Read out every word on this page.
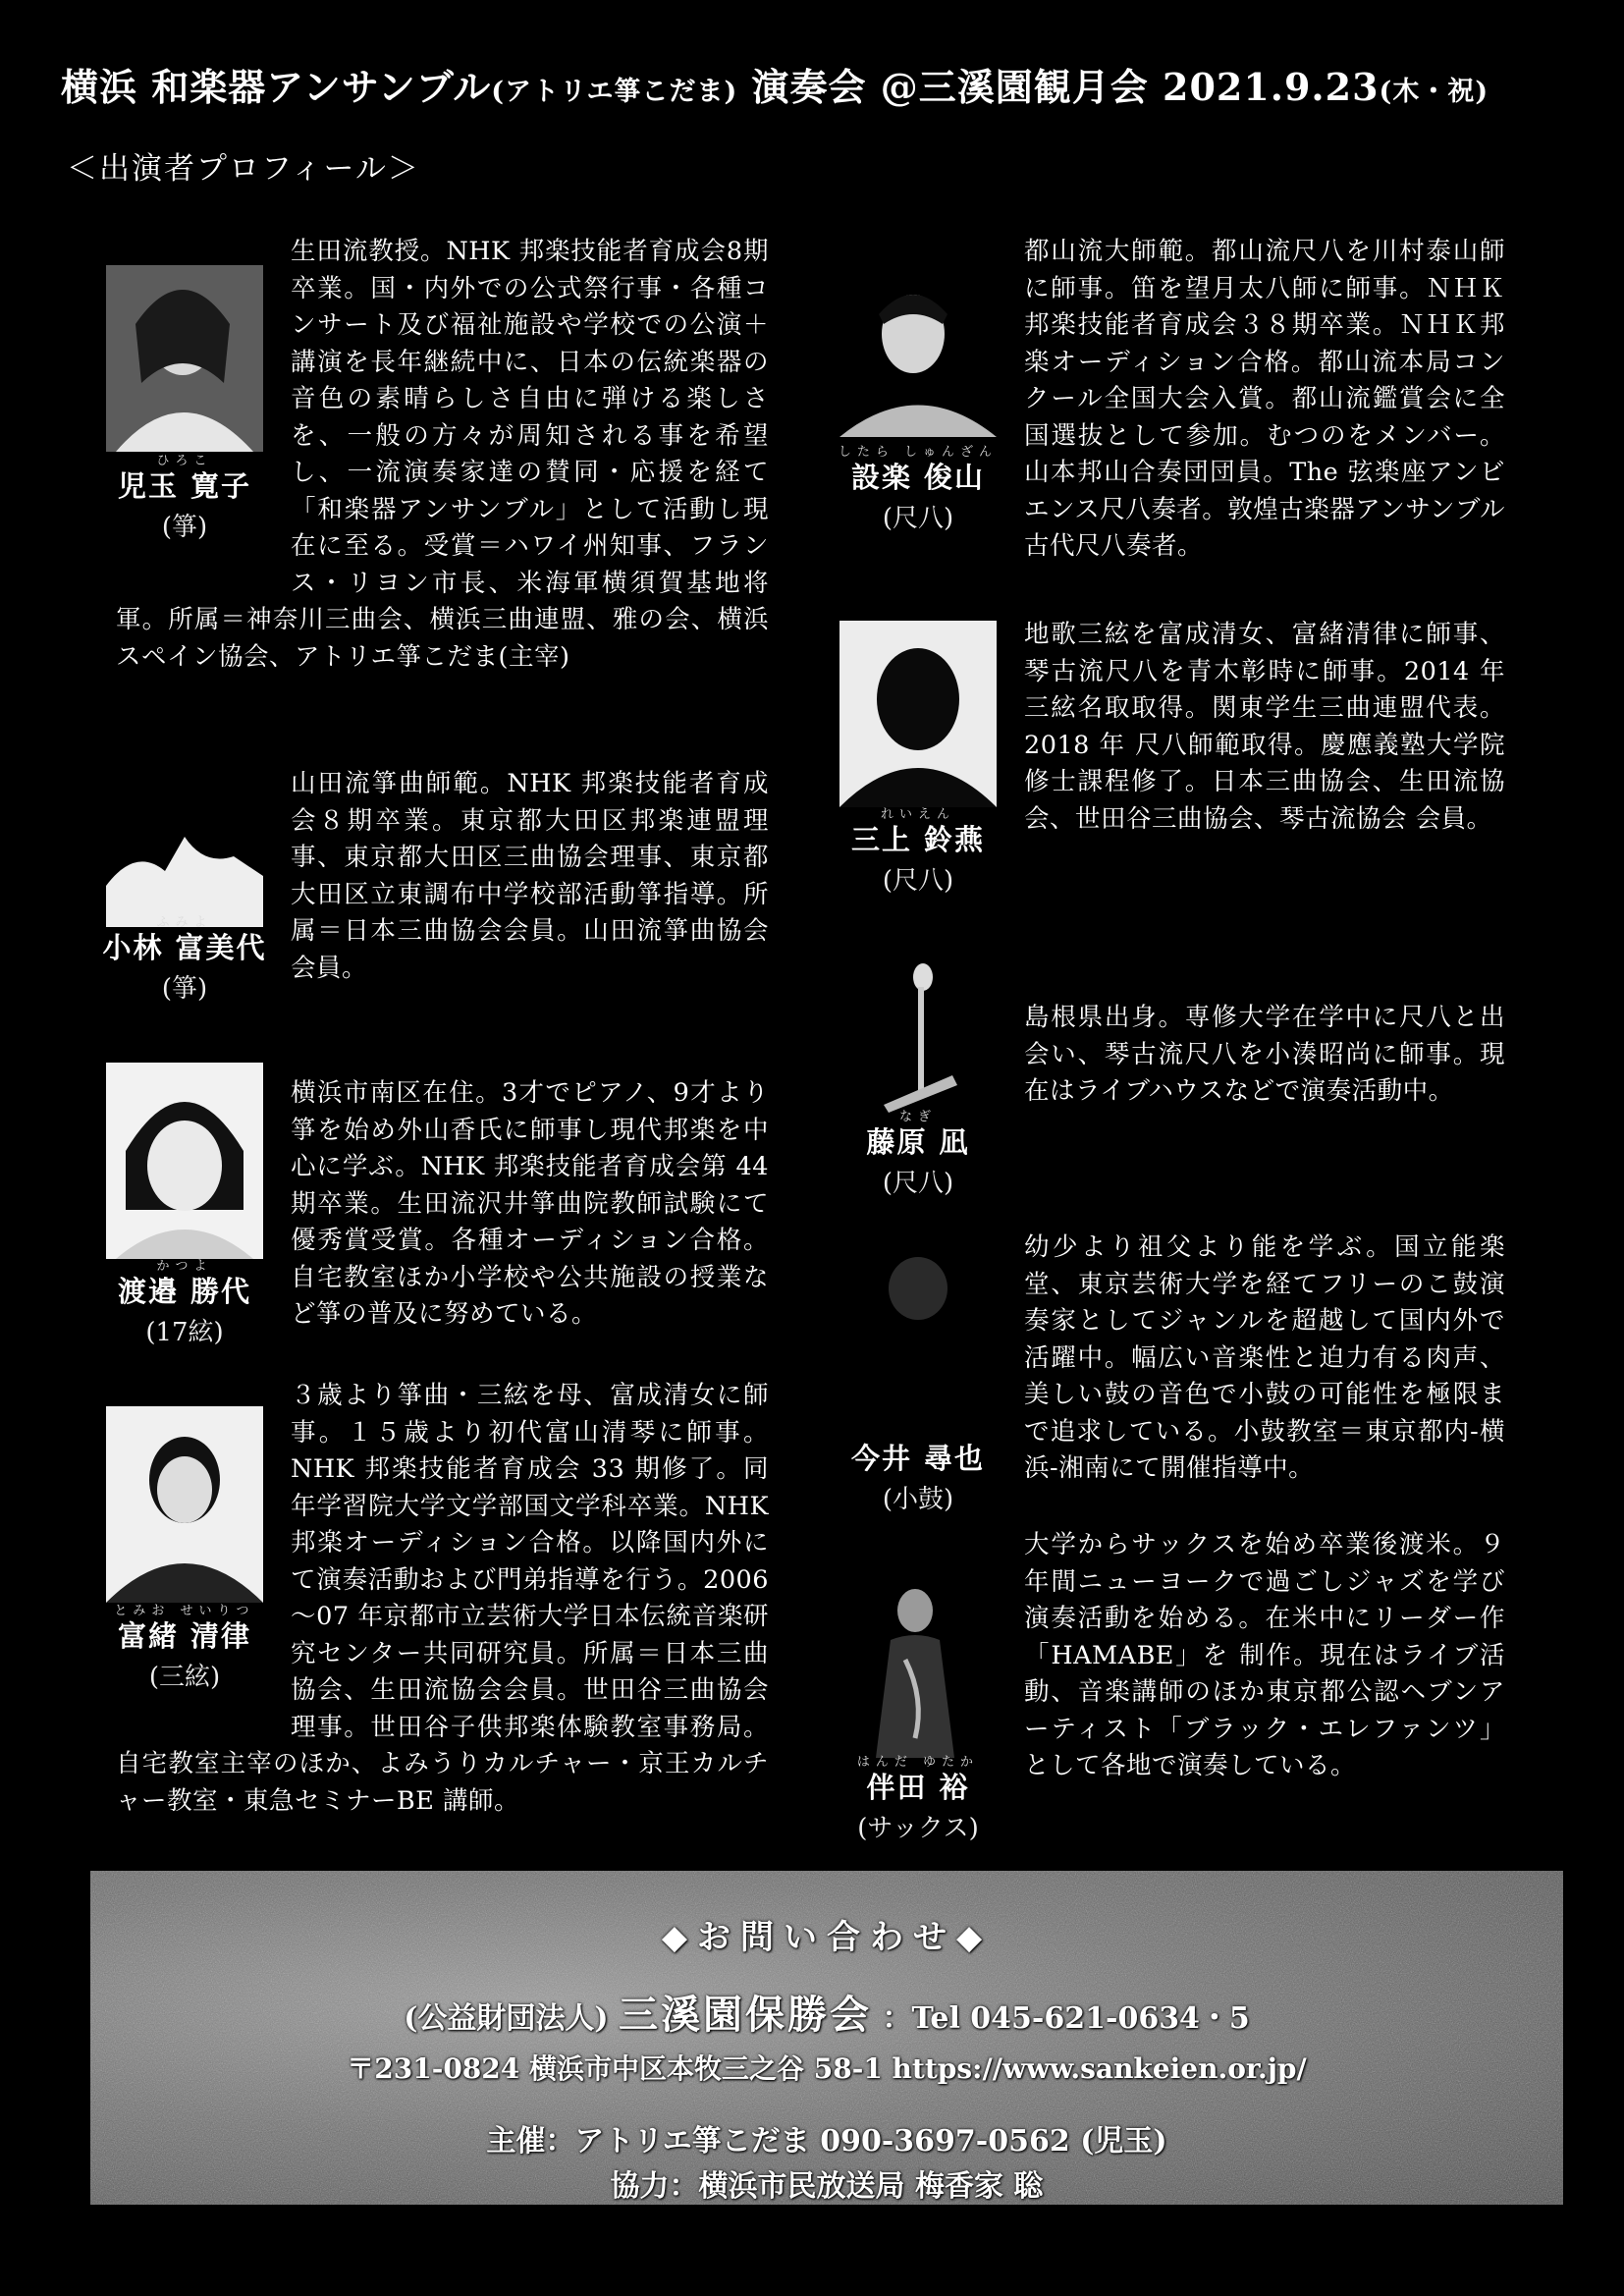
横浜 和楽器アンサンブル(アトリエ箏こだま) 演奏会 @三溪園観月会 2021.9.23(木・祝)
＜出演者プロフィール＞
ひろこ
児玉 寛子
(箏)
生田流教授。NHK 邦楽技能者育成会8期卒業。国・内外での公式祭行事・各種コンサート及び福祉施設や学校での公演＋講演を長年継続中に、日本の伝統楽器の音色の素晴らしさ自由に弾ける楽しさを、一般の方々が周知される事を希望し、一流演奏家達の賛同・応援を経て「和楽器アンサンブル」として活動し現在に至る。受賞＝ハワイ州知事、フランス・リヨン市長、米海軍横須賀基地将軍。所属＝神奈川三曲会、横浜三曲連盟、雅の会、横浜スペイン協会、アトリエ箏こだま(主宰)
ふみよ
小林 富美代
(箏)
山田流箏曲師範。NHK 邦楽技能者育成会８期卒業。東京都大田区邦楽連盟理事、東京都大田区三曲協会理事、東京都大田区立東調布中学校部活動箏指導。所属＝日本三曲協会会員。山田流箏曲協会会員。
かつよ
渡邉 勝代
(17絃)
横浜市南区在住。3才でピアノ、9才より箏を始め外山香氏に師事し現代邦楽を中心に学ぶ。NHK 邦楽技能者育成会第 44 期卒業。生田流沢井箏曲院教師試験にて優秀賞受賞。各種オーディション合格。自宅教室ほか小学校や公共施設の授業など箏の普及に努めている。
とみお せいりつ
富緒 清律
(三絃)
３歳より箏曲・三絃を母、富成清女に師事。１５歳より初代富山清琴に師事。NHK 邦楽技能者育成会 33 期修了。同年学習院大学文学部国文学科卒業。NHK 邦楽オーディション合格。以降国内外にて演奏活動および門弟指導を行う。2006～07 年京都市立芸術大学日本伝統音楽研究センター共同研究員。所属＝日本三曲協会、生田流協会会員。世田谷三曲協会理事。世田谷子供邦楽体験教室事務局。自宅教室主宰のほか、よみうりカルチャー・京王カルチャー教室・東急セミナーBE 講師。
したら しゅんざん
設楽 俊山
(尺八)
都山流大師範。都山流尺八を川村泰山師に師事。笛を望月太八師に師事。ＮＨＫ邦楽技能者育成会３８期卒業。ＮＨＫ邦楽オーディション合格。都山流本局コンクール全国大会入賞。都山流鑑賞会に全国選抜として参加。むつのをメンバー。山本邦山合奏団団員。The 弦楽座アンビエンス尺八奏者。敦煌古楽器アンサンブル古代尺八奏者。
れいえん
三上 鈴燕
(尺八)
地歌三絃を富成清女、富緒清律に師事、琴古流尺八を青木彰時に師事。2014 年 三絃名取取得。関東学生三曲連盟代表。2018 年 尺八師範取得。慶應義塾大学院修士課程修了。日本三曲協会、生田流協会、世田谷三曲協会、琴古流協会 会員。
なぎ
藤原 凪
(尺八)
島根県出身。専修大学在学中に尺八と出会い、琴古流尺八を小湊昭尚に師事。現在はライブハウスなどで演奏活動中。
今井 尋也
(小鼓)
幼少より祖父より能を学ぶ。国立能楽堂、東京芸術大学を経てフリーのこ鼓演奏家としてジャンルを超越して国内外で活躍中。幅広い音楽性と迫力有る肉声、美しい鼓の音色で小鼓の可能性を極限まで追求している。小鼓教室＝東京都内-横浜-湘南にて開催指導中。
はんだ ゆたか
伴田 裕
(サックス)
大学からサックスを始め卒業後渡米。９年間ニューヨークで過ごしジャズを学び演奏活動を始める。在米中にリーダー作「HAMABE」を 制作。現在はライブ活動、音楽講師のほか東京都公認ヘブンアーティスト「ブラック・エレファンツ」として各地で演奏している。
◆お問い合わせ◆
(公益財団法人) 三溪園保勝会 ：Tel 045-621-0634・5
〒231-0824 横浜市中区本牧三之谷 58-1 https://www.sankeien.or.jp/
主催：アトリエ箏こだま 090-3697-0562 (児玉)
協力：横浜市民放送局 梅香家 聡
